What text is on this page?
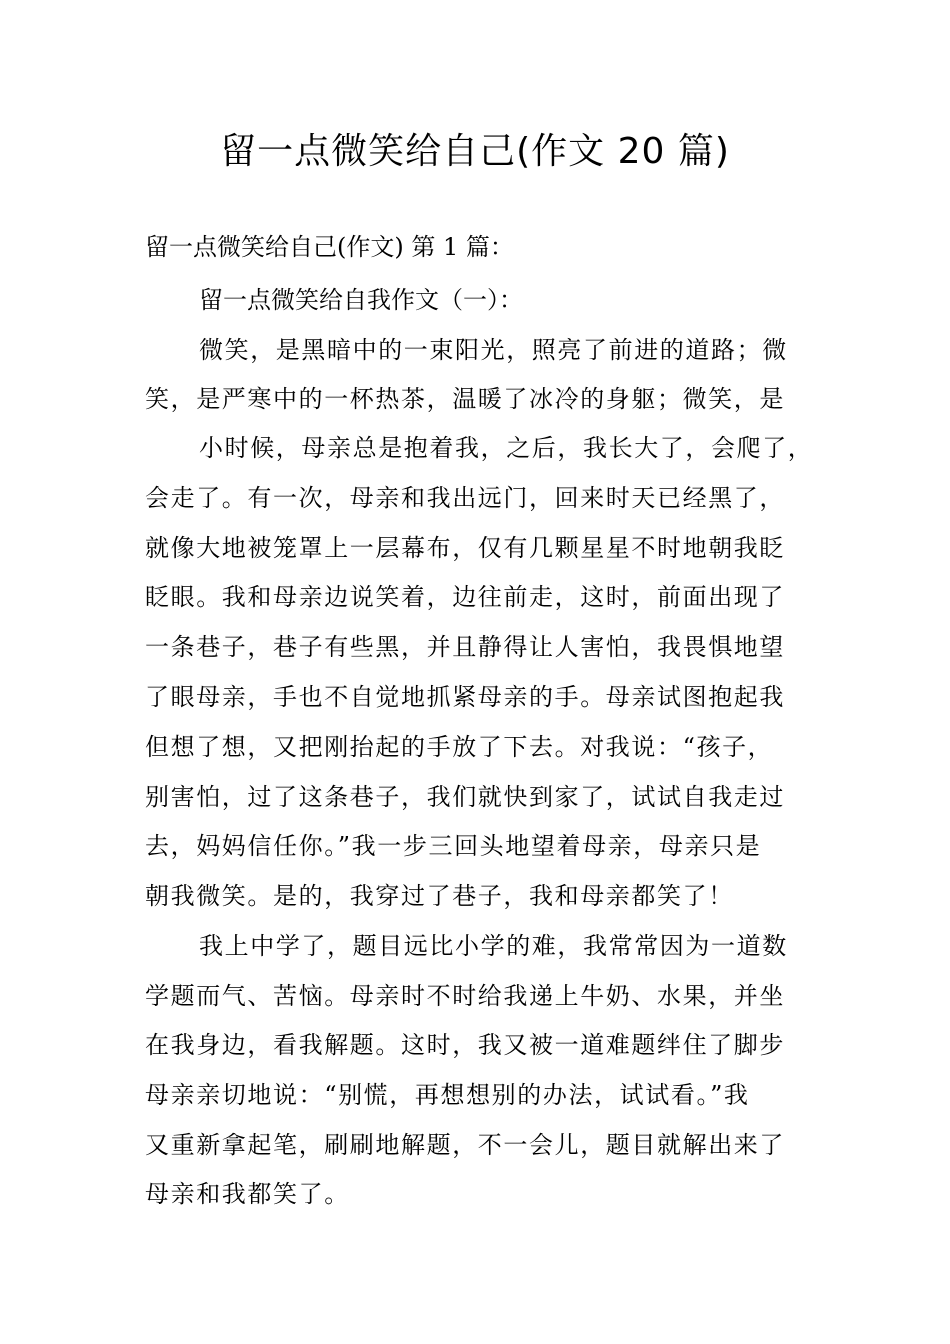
留一点微笑给自己(作文 20 篇)
留一点微笑给自己(作文) 第 1 篇：
留一点微笑给自我作文（一）：
微笑，是黑暗中的一束阳光，照亮了前进的道路；微
笑，是严寒中的一杯热茶，温暖了冰冷的身躯；微笑，是
小时候，母亲总是抱着我，之后，我长大了，会爬了，
会走了。有一次，母亲和我出远门，回来时天已经黑了，
就像大地被笼罩上一层幕布，仅有几颗星星不时地朝我眨
眨眼。我和母亲边说笑着，边往前走，这时，前面出现了
一条巷子，巷子有些黑，并且静得让人害怕，我畏惧地望
了眼母亲，手也不自觉地抓紧母亲的手。母亲试图抱起我
但想了想，又把刚抬起的手放了下去。对我说：“孩子，
别害怕，过了这条巷子，我们就快到家了，试试自我走过
去，妈妈信任你。”我一步三回头地望着母亲，母亲只是
朝我微笑。是的，我穿过了巷子，我和母亲都笑了！
我上中学了，题目远比小学的难，我常常因为一道数
学题而气、苦恼。母亲时不时给我递上牛奶、水果，并坐
在我身边，看我解题。这时，我又被一道难题绊住了脚步
母亲亲切地说：“别慌，再想想别的办法，试试看。”我
又重新拿起笔，刷刷地解题，不一会儿，题目就解出来了
母亲和我都笑了。
